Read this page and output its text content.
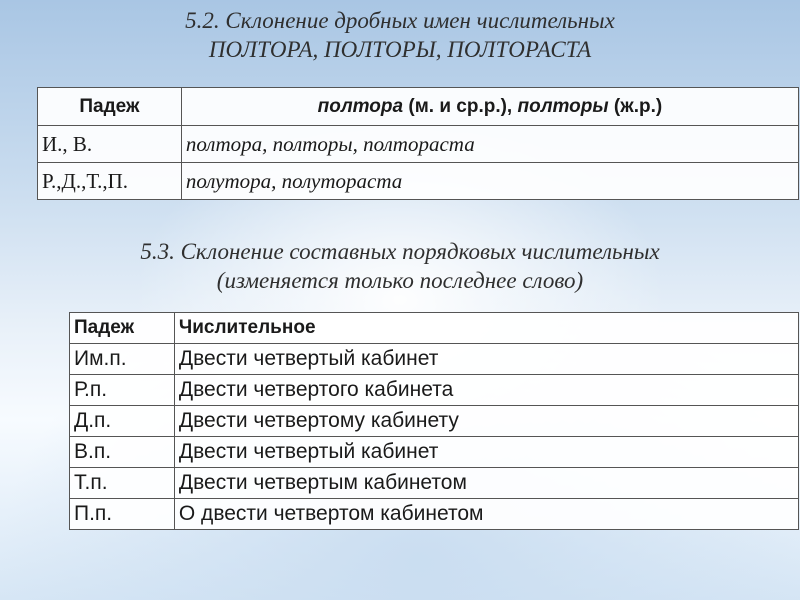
5.2. Склонение дробных имен числительных
ПОЛТОРА, ПОЛТОРЫ, ПОЛТОРАСТА
Падеж	полтора (м. и ср.р.), полторы (ж.р.)
И., В.	полтора, полторы, полтораста
Р.,Д.,Т.,П.	полутора, полутораста
5.3. Склонение составных порядковых числительных
(изменяется только последнее слово)
Падеж	Числительное
Им.п.	Двести четвертый кабинет
Р.п.	Двести четвертого кабинета
Д.п.	Двести четвертому кабинету
В.п.	Двести четвертый кабинет
Т.п.	Двести четвертым кабинетом
П.п.	О двести четвертом кабинетом
